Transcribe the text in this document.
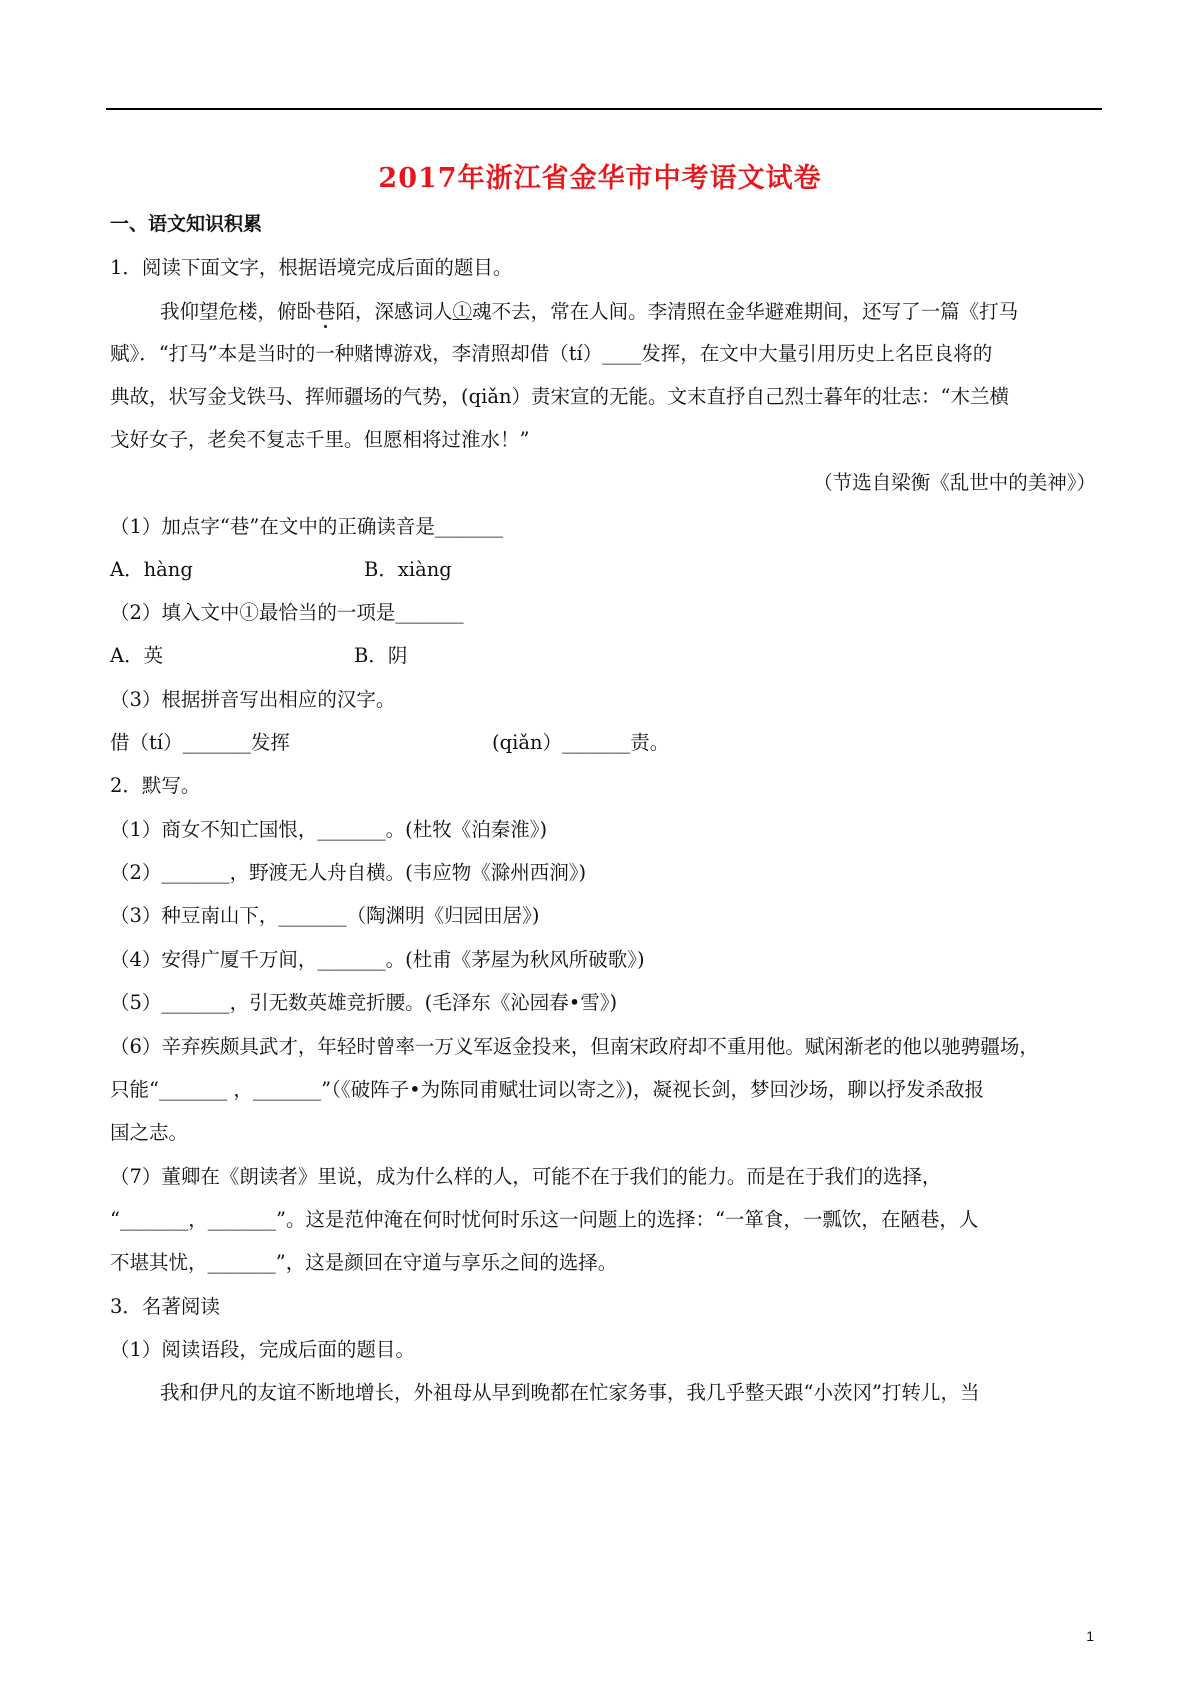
2017年浙江省金华市中考语文试卷
一、语文知识积累
1．阅读下面文字，根据语境完成后面的题目。
我仰望危楼，俯卧巷陌，深感词人①魂不去，常在人间。李清照在金华避难期间，还写了一篇《打马
赋》．“打马”本是当时的一种赌博游戏，李清照却借（tí）____发挥，在文中大量引用历史上名臣良将的
典故，状写金戈铁马、挥师疆场的气势，(qiǎn）责宋宣的无能。文末直抒自己烈士暮年的壮志：“木兰横
戈好女子，老矣不复志千里。但愿相将过淮水！”
（节选自梁衡《乱世中的美神》）
（1）加点字“巷”在文中的正确读音是_______
A．hàng	B．xiàng
（2）填入文中①最恰当的一项是_______
A．英	B．阴
（3）根据拼音写出相应的汉字。
借（tí）_______发挥	(qiǎn）_______责。
2．默写。
（1）商女不知亡国恨，_______。(杜牧《泊秦淮》)
（2）_______，野渡无人舟自横。(韦应物《滁州西涧》)
（3）种豆南山下，_______（陶渊明《归园田居》)
（4）安得广厦千万间，_______。(杜甫《茅屋为秋风所破歌》)
（5）_______，引无数英雄竞折腰。(毛泽东《沁园春•雪》)
（6）辛弃疾颇具武才，年轻时曾率一万义军返金投来，但南宋政府却不重用他。赋闲渐老的他以驰骋疆场，
只能“_______ ，_______”（《破阵子•为陈同甫赋壮词以寄之》)，凝视长剑，梦回沙场，聊以抒发杀敌报
国之志。
（7）董卿在《朗读者》里说，成为什么样的人，可能不在于我们的能力。而是在于我们的选择，
“_______，_______”。这是范仲淹在何时忧何时乐这一问题上的选择：“一箪食，一瓢饮，在陋巷，人
不堪其忧，_______”，这是颜回在守道与享乐之间的选择。
3．名著阅读
（1）阅读语段，完成后面的题目。
我和伊凡的友谊不断地增长，外祖母从早到晚都在忙家务事，我几乎整天跟“小茨冈”打转儿，当
1
